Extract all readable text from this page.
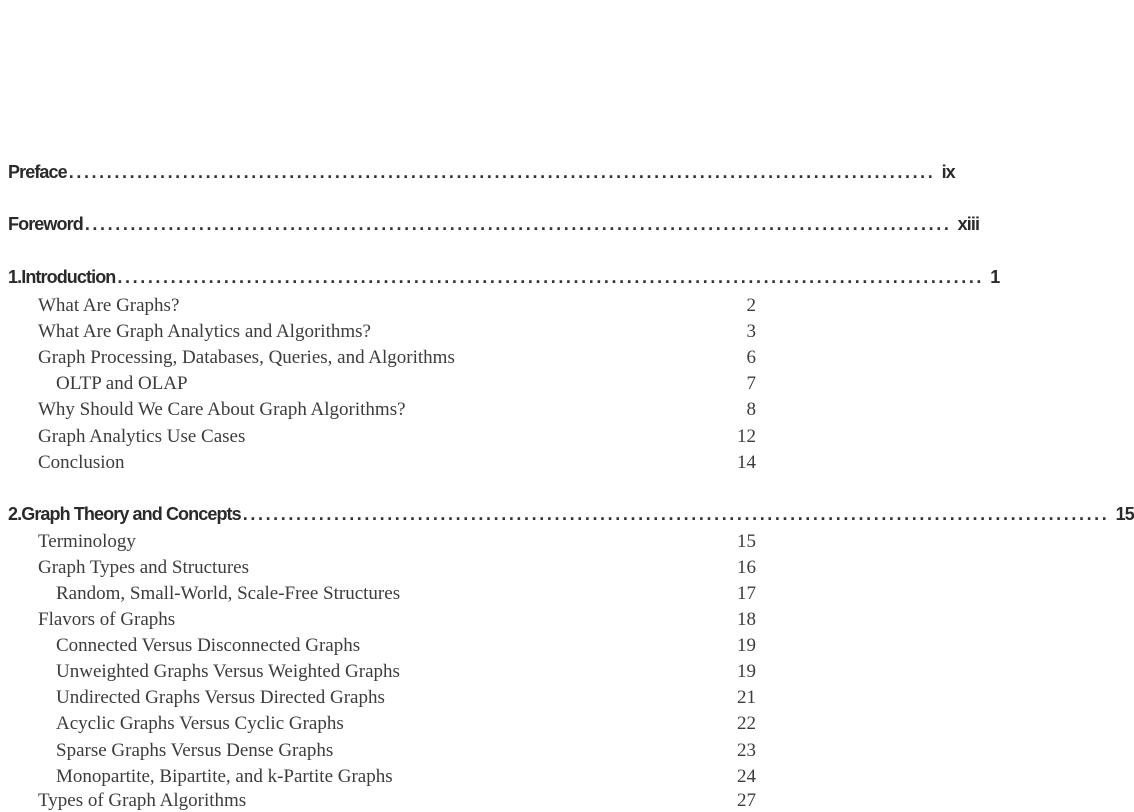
Preface . . .	ix
Foreword . . .	xiii
1. Introduction . . .	1
What Are Graphs?	2
What Are Graph Analytics and Algorithms?	3
Graph Processing, Databases, Queries, and Algorithms	6
OLTP and OLAP	7
Why Should We Care About Graph Algorithms?	8
Graph Analytics Use Cases	12
Conclusion	14
2. Graph Theory and Concepts . . .	15
Terminology	15
Graph Types and Structures	16
Random, Small-World, Scale-Free Structures	17
Flavors of Graphs	18
Connected Versus Disconnected Graphs	19
Unweighted Graphs Versus Weighted Graphs	19
Undirected Graphs Versus Directed Graphs	21
Acyclic Graphs Versus Cyclic Graphs	22
Sparse Graphs Versus Dense Graphs	23
Monopartite, Bipartite, and k-Partite Graphs	24
Types of Graph Algorithms	27
